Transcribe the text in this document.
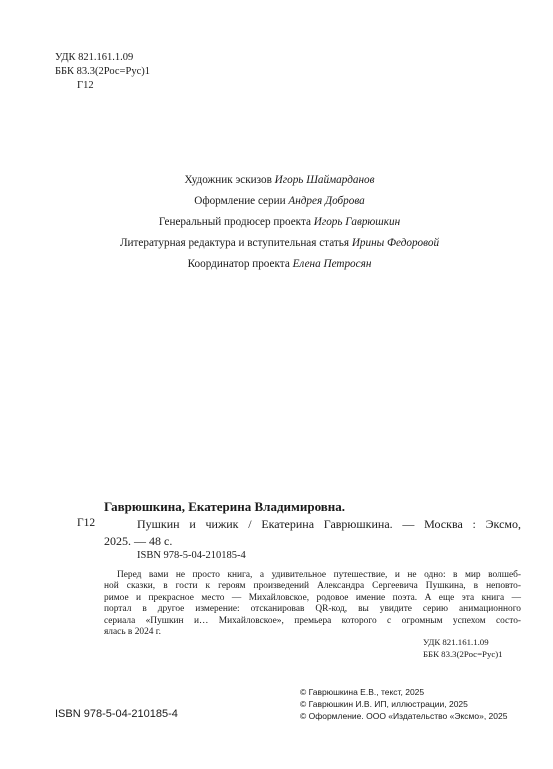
УДК 821.161.1.09
ББК 83.3(2Рос=Рус)1
Г12
Художник эскизов Игорь Шаймарданов
Оформление серии Андрея Доброва
Генеральный продюсер проекта Игорь Гаврюшкин
Литературная редактура и вступительная статья Ирины Федоровой
Координатор проекта Елена Петросян
Гаврюшкина, Екатерина Владимировна.
Г12	Пушкин и чижик / Екатерина Гаврюшкина. — Москва : Эксмо,
2025. — 48 с.
ISBN 978-5-04-210185-4
Перед вами не просто книга, а удивительное путешествие, и не одно: в мир волшеб-
ной сказки, в гости к героям произведений Александра Сергеевича Пушкина, в неповто-
римое и прекрасное место — Михайловское, родовое имение поэта. А еще эта книга —
портал в другое измерение: отсканировав QR-код, вы увидите серию анимационного
сериала «Пушкин и… Михайловское», премьера которого с огромным успехом состо-
ялась в 2024 г.
УДК 821.161.1.09
ББК 83.3(2Рос=Рус)1
ISBN 978-5-04-210185-4
© Гаврюшкина Е.В., текст, 2025
© Гаврюшкин И.В. ИП, иллюстрации, 2025
© Оформление. ООО «Издательство «Эксмо», 2025
